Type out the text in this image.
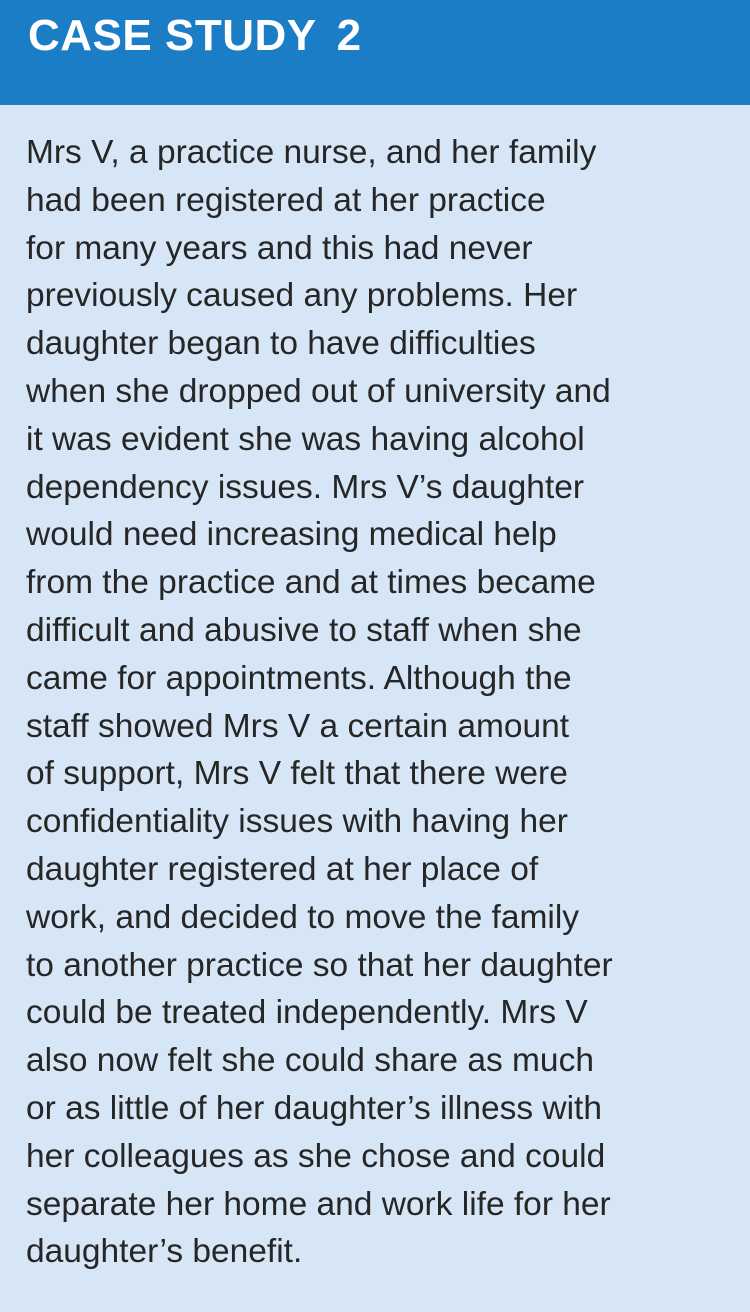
CASE STUDY 2
Mrs V, a practice nurse, and her family
had been registered at her practice
for many years and this had never
previously caused any problems. Her
daughter began to have difficulties
when she dropped out of university and
it was evident she was having alcohol
dependency issues. Mrs V’s daughter
would need increasing medical help
from the practice and at times became
difficult and abusive to staff when she
came for appointments. Although the
staff showed Mrs V a certain amount
of support, Mrs V felt that there were
confidentiality issues with having her
daughter registered at her place of
work, and decided to move the family
to another practice so that her daughter
could be treated independently. Mrs V
also now felt she could share as much
or as little of her daughter’s illness with
her colleagues as she chose and could
separate her home and work life for her
daughter’s benefit.
